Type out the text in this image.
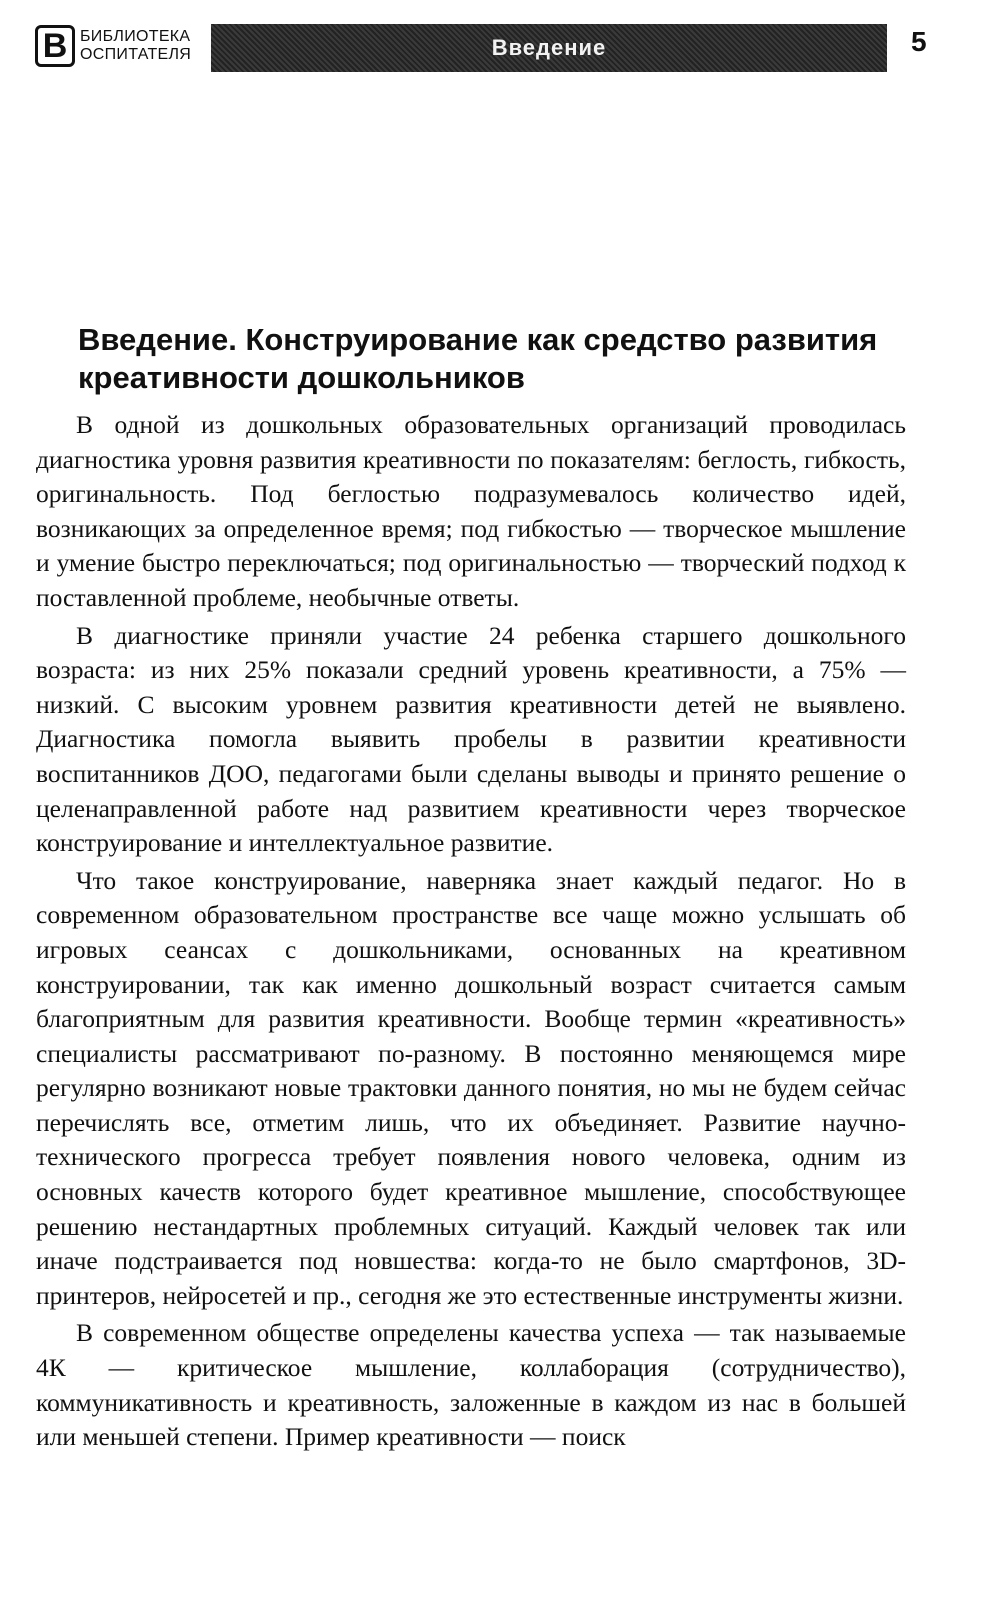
В БИБЛИОТЕКА
ОСПИТАТЕЛЯ	Введение	5
Введение. Конструирование как средство развития креативности дошкольников

В одной из дошкольных образовательных организаций проводилась диагностика уровня развития креативности по показателям: беглость, гибкость, оригинальность. Под беглостью подразумевалось количество идей, возникающих за определенное время; под гибкостью — творческое мышление и умение быстро переключаться; под оригинальностью — творческий подход к поставленной проблеме, необычные ответы.

В диагностике приняли участие 24 ребенка старшего дошкольного возраста: из них 25% показали средний уровень креативности, а 75% — низкий. С высоким уровнем развития креативности детей не выявлено. Диагностика помогла выявить пробелы в развитии креативности воспитанников ДОО, педагогами были сделаны выводы и принято решение о целенаправленной работе над развитием креативности через творческое конструирование и интеллектуальное развитие.

Что такое конструирование, наверняка знает каждый педагог. Но в современном образовательном пространстве все чаще можно услышать об игровых сеансах с дошкольниками, основанных на креативном конструировании, так как именно дошкольный возраст считается самым благоприятным для развития креативности. Вообще термин «креативность» специалисты рассматривают по-разному. В постоянно меняющемся мире регулярно возникают новые трактовки данного понятия, но мы не будем сейчас перечислять все, отметим лишь, что их объединяет. Развитие научно-технического прогресса требует появления нового человека, одним из основных качеств которого будет креативное мышление, способствующее решению нестандартных проблемных ситуаций. Каждый человек так или иначе подстраивается под новшества: когда-то не было смартфонов, 3D-принтеров, нейросетей и пр., сегодня же это естественные инструменты жизни.

В современном обществе определены качества успеха — так называемые 4К — критическое мышление, коллаборация (сотрудничество), коммуникативность и креативность, заложенные в каждом из нас в большей или меньшей степени. Пример креативности — поиск
